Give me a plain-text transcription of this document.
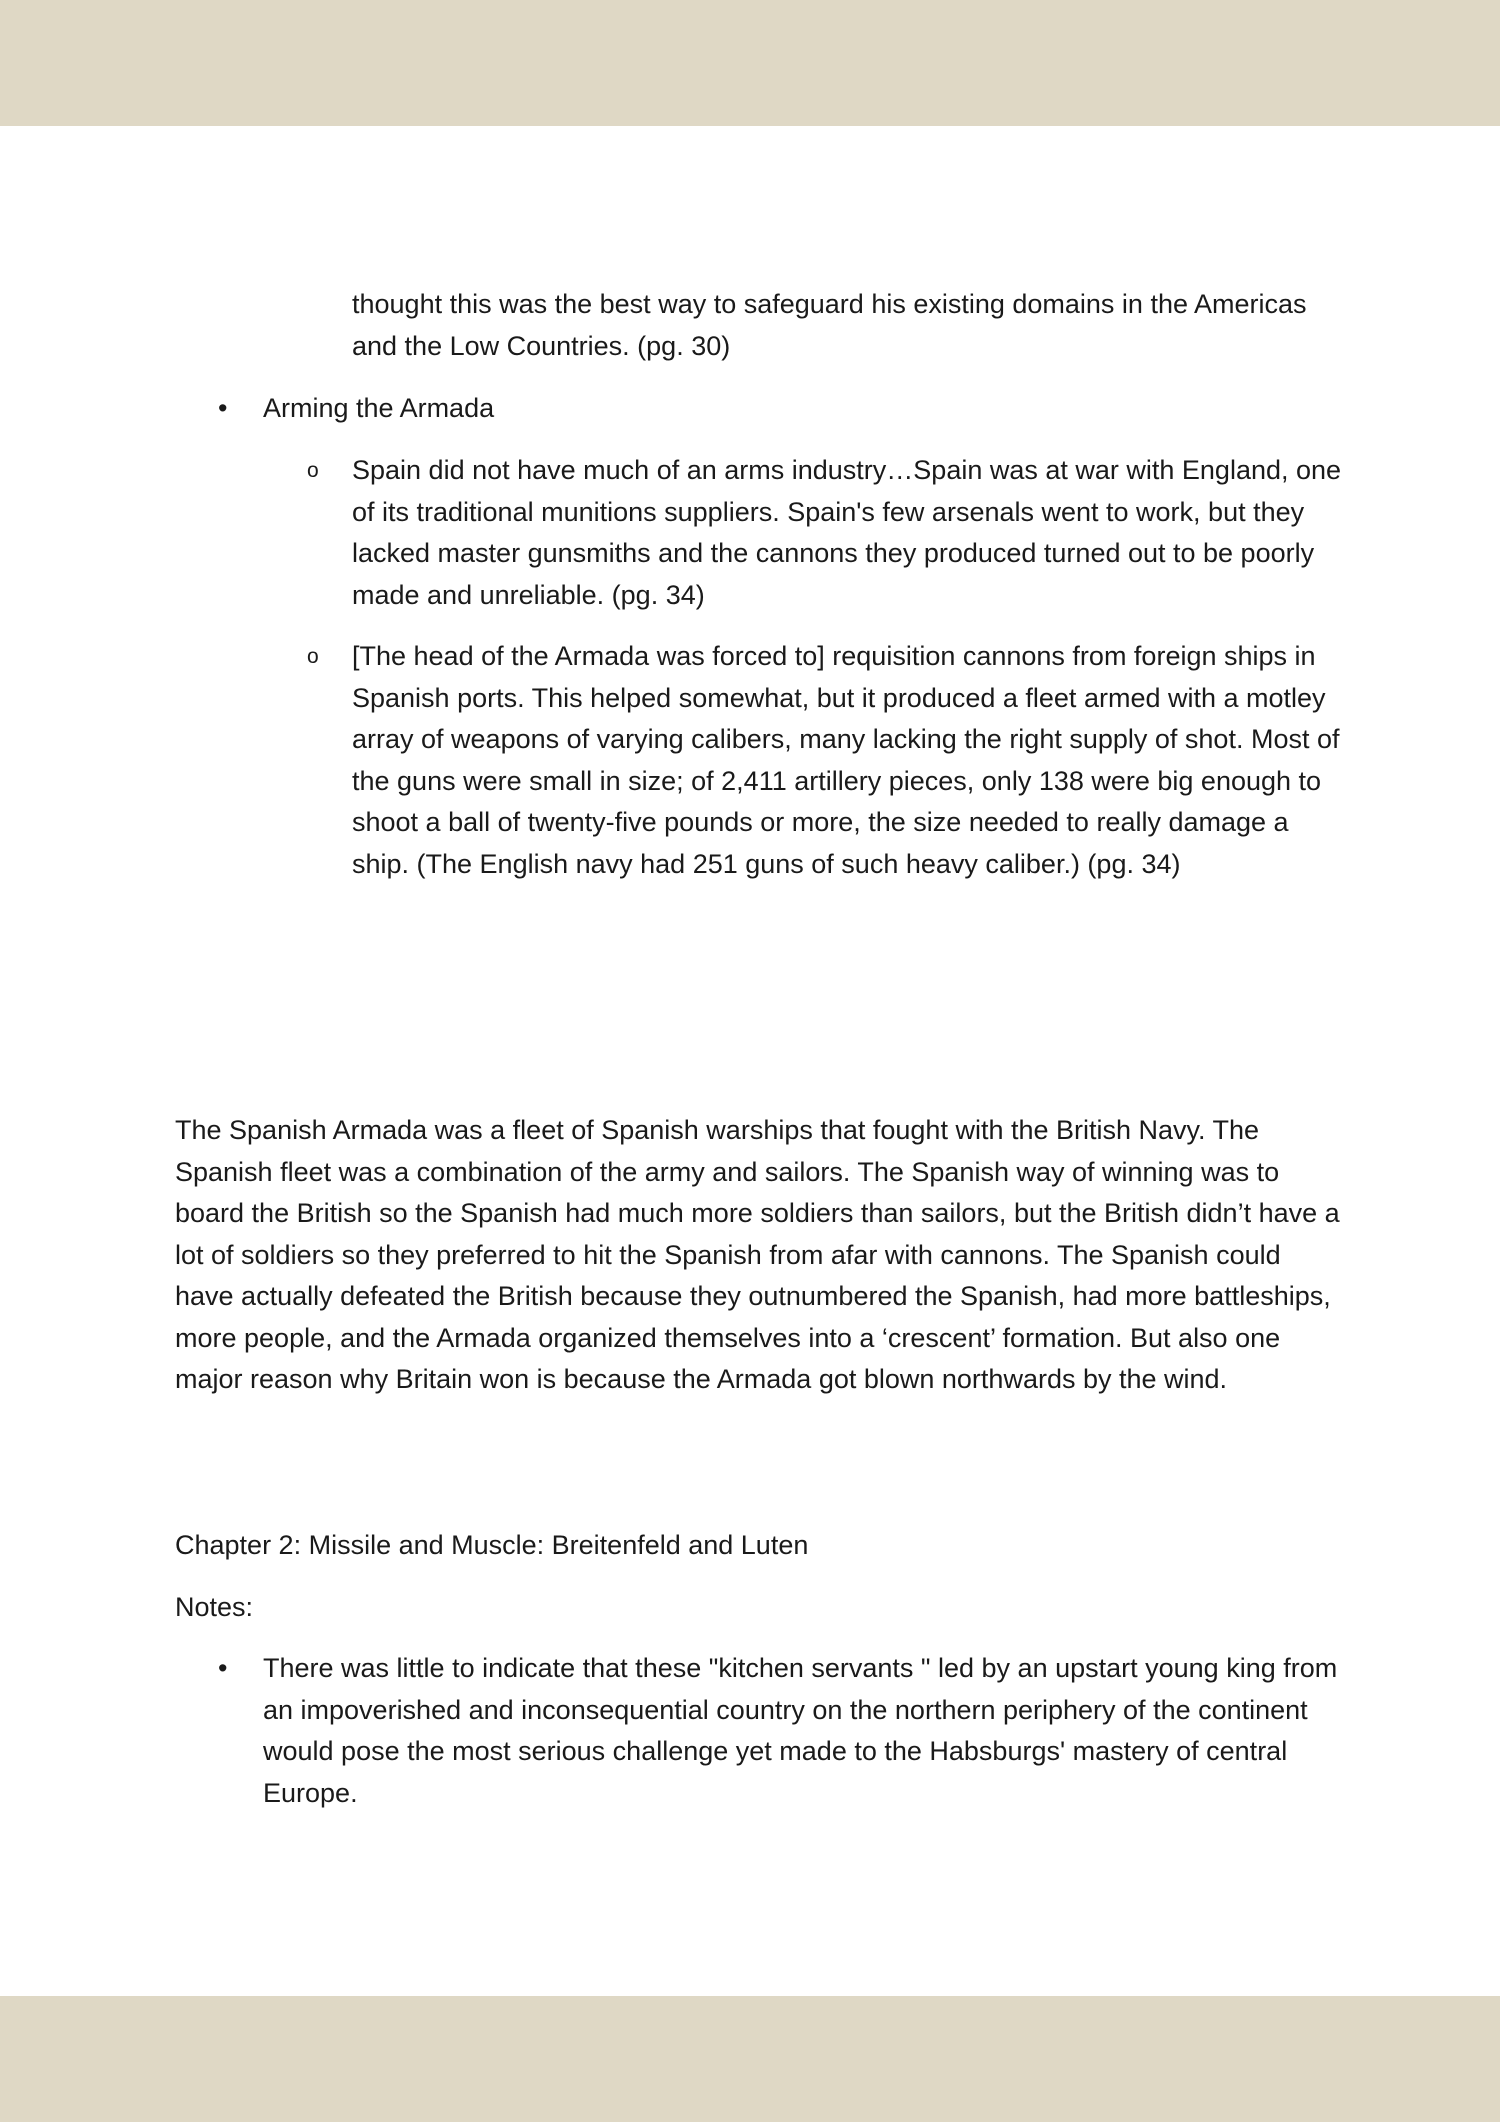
thought this was the best way to safeguard his existing domains in the Americas and the Low Countries. (pg. 30)

• Arming the Armada

o Spain did not have much of an arms industry…Spain was at war with England, one of its traditional munitions suppliers. Spain's few arsenals went to work, but they lacked master gunsmiths and the cannons they produced turned out to be poorly made and unreliable. (pg. 34)

o [The head of the Armada was forced to] requisition cannons from foreign ships in Spanish ports. This helped somewhat, but it produced a fleet armed with a motley array of weapons of varying calibers, many lacking the right supply of shot. Most of the guns were small in size; of 2,411 artillery pieces, only 138 were big enough to shoot a ball of twenty-five pounds or more, the size needed to really damage a ship. (The English navy had 251 guns of such heavy caliber.) (pg. 34)

The Spanish Armada was a fleet of Spanish warships that fought with the British Navy. The Spanish fleet was a combination of the army and sailors. The Spanish way of winning was to board the British so the Spanish had much more soldiers than sailors, but the British didn’t have a lot of soldiers so they preferred to hit the Spanish from afar with cannons. The Spanish could have actually defeated the British because they outnumbered the Spanish, had more battleships, more people, and the Armada organized themselves into a ‘crescent’ formation. But also one major reason why Britain won is because the Armada got blown northwards by the wind.

Chapter 2: Missile and Muscle: Breitenfeld and Luten

Notes:

• There was little to indicate that these "kitchen servants " led by an upstart young king from an impoverished and inconsequential country on the northern periphery of the continent would pose the most serious challenge yet made to the Habsburgs' mastery of central Europe.
